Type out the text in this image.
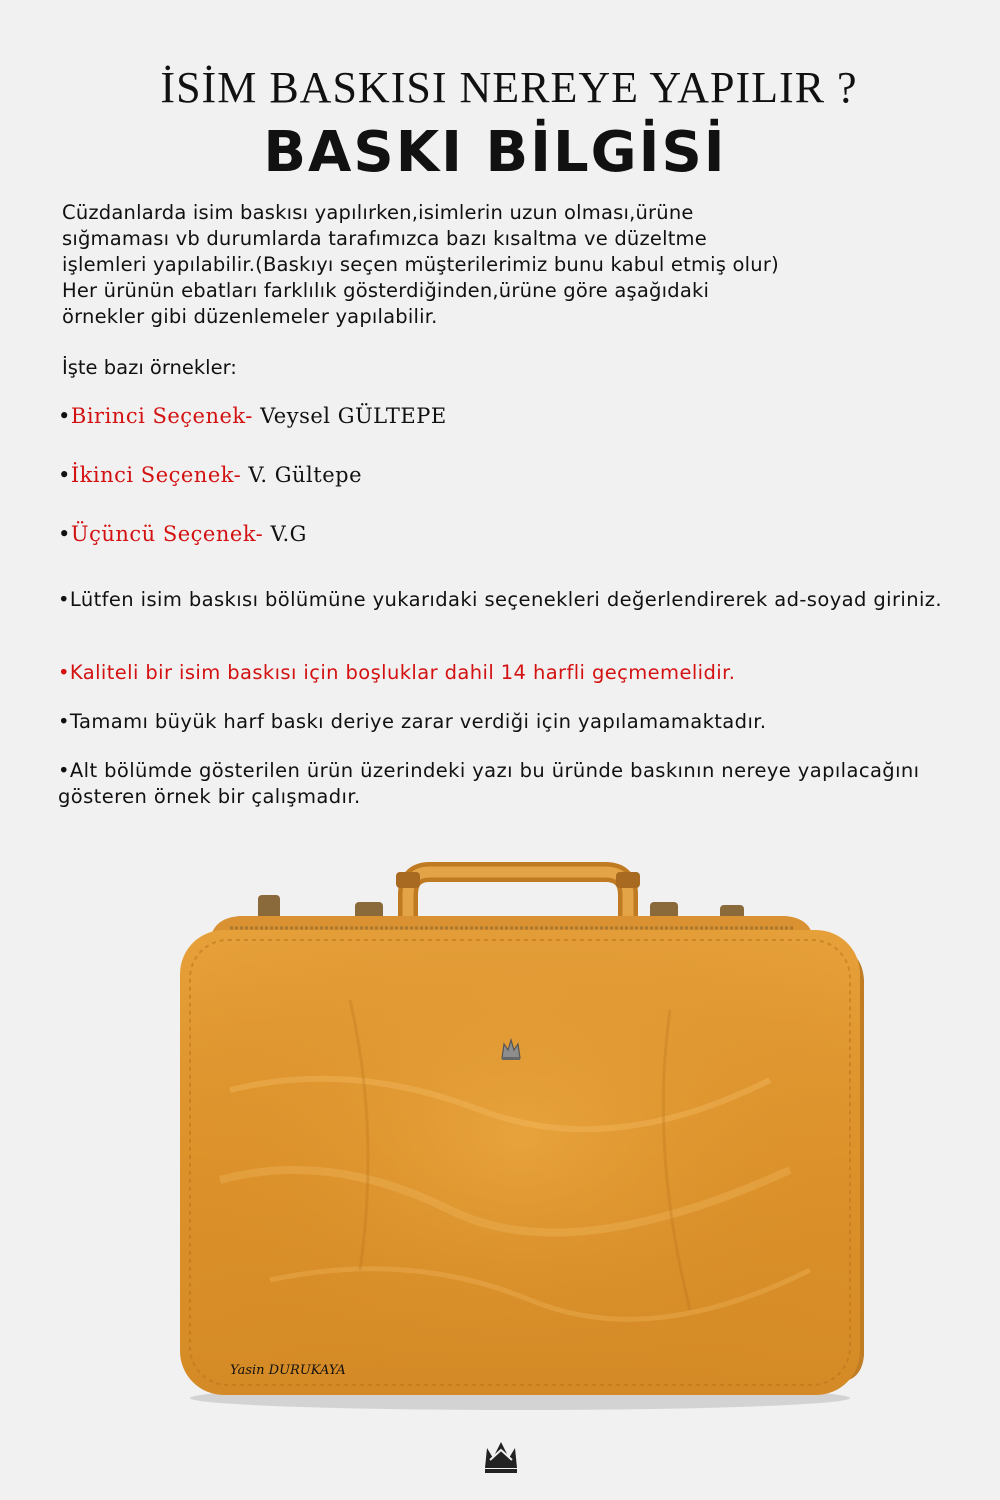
İSİM BASKISI NEREYE YAPILIR ?
BASKI BİLGİSİ

Cüzdanlarda isim baskısı yapılırken,isimlerin uzun olması,ürüne

sığmaması vb durumlarda tarafımızca bazı kısaltma ve düzeltme

işlemleri yapılabilir.(Baskıyı seçen müşterilerimiz bunu kabul etmiş olur)

Her ürünün ebatları farklılık gösterdiğinden,ürüne göre aşağıdaki

örnekler gibi düzenlemeler yapılabilir.

İşte bazı örnekler:
•Birinci Seçenek- Veysel GÜLTEPE
•İkinci Seçenek- V. Gültepe
•Üçüncü Seçenek- V.G
•Lütfen isim baskısı bölümüne yukarıdaki seçenekleri değerlendirerek ad-soyad giriniz.
•Kaliteli bir isim baskısı için boşluklar dahil 14 harfli geçmemelidir.
•Tamamı büyük harf baskı deriye zarar verdiği için yapılamamaktadır.
•Alt bölümde gösterilen ürün üzerindeki yazı bu üründe baskının nereye yapılacağını gösteren örnek bir çalışmadır.
Yasin DURUKAYA
